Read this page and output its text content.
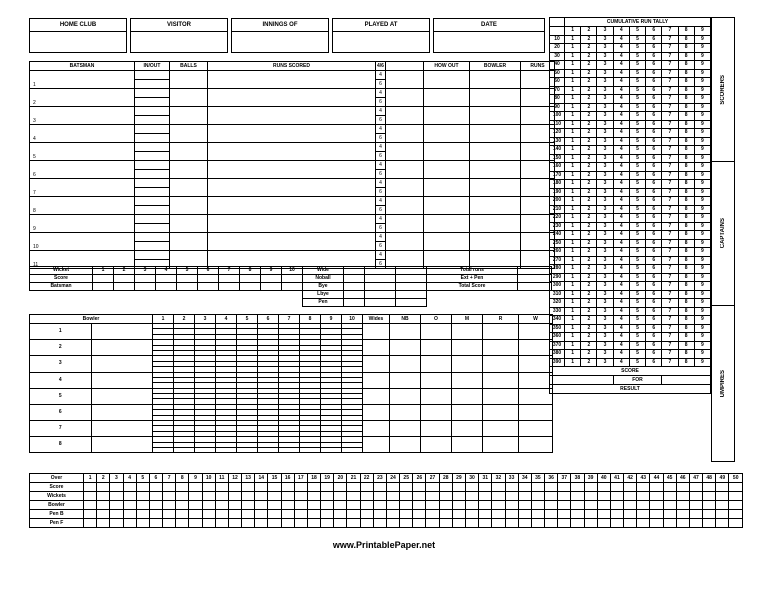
HOME CLUB	VISITOR	INNINGS OF	PLAYED AT	DATE
BATSMAN	IN/OUT	BALLS	RUNS SCORED	4/6		HOW OUT	BOWLER	RUNS
1				4				
				6				
2				4				
				6				
3				4				
				6				
4				4				
				6				
5				4				
				6				
6				4				
				6				
7				4				
				6				
8				4				
				6				
9				4				
				6				
10				4				
				6				
11				4				
				6				
Wicket	1	2	3	4	5	6	7	8	9	10	Wide				Total runs	
Score											Noball				Ext + Pen	
Batsman											Bye				Total Score	
											Lbye					
											Pen					
Bowler		1	2	3	4	5	6	7	8	9	10	Wides	NB	O	M	R	W
1																	

2																	

3																	

4																	

5																	

6																	

7																	

8																	

	CUMULATIVE RUN TALLY								
	1	2	3	4	5	6	7	8	9
10	1	2	3	4	5	6	7	8	9
20	1	2	3	4	5	6	7	8	9
30	1	2	3	4	5	6	7	8	9
40	1	2	3	4	5	6	7	8	9
50	1	2	3	4	5	6	7	8	9
60	1	2	3	4	5	6	7	8	9
70	1	2	3	4	5	6	7	8	9
80	1	2	3	4	5	6	7	8	9
90	1	2	3	4	5	6	7	8	9
100	1	2	3	4	5	6	7	8	9
110	1	2	3	4	5	6	7	8	9
120	1	2	3	4	5	6	7	8	9
130	1	2	3	4	5	6	7	8	9
140	1	2	3	4	5	6	7	8	9
150	1	2	3	4	5	6	7	8	9
160	1	2	3	4	5	6	7	8	9
170	1	2	3	4	5	6	7	8	9
180	1	2	3	4	5	6	7	8	9
190	1	2	3	4	5	6	7	8	9
200	1	2	3	4	5	6	7	8	9
210	1	2	3	4	5	6	7	8	9
220	1	2	3	4	5	6	7	8	9
230	1	2	3	4	5	6	7	8	9
240	1	2	3	4	5	6	7	8	9
250	1	2	3	4	5	6	7	8	9
260	1	2	3	4	5	6	7	8	9
270	1	2	3	4	5	6	7	8	9
280	1	2	3	4	5	6	7	8	9
290	1	2	3	4	5	6	7	8	9
300	1	2	3	4	5	6	7	8	9
310	1	2	3	4	5	6	7	8	9
320	1	2	3	4	5	6	7	8	9
330	1	2	3	4	5	6	7	8	9
340	1	2	3	4	5	6	7	8	9
350	1	2	3	4	5	6	7	8	9
360	1	2	3	4	5	6	7	8	9
370	1	2	3	4	5	6	7	8	9
380	1	2	3	4	5	6	7	8	9
390	1	2	3	4	5	6	7	8	9
SCORE									
				FOR					
RESULT									
SCORERS
CAPTAINS
UMPIRES
Over	1	2	3	4	5	6	7	8	9	10	11	12	13	14	15	16	17	18	19	20	21	22	23	24	25	26	27	28	29	30	31	32	33	34	35	36	37	38	39	40	41	42	43	44	45	46	47	48	49	50
Score																																																		
Wickets																																																		
Bowler																																																		
Pen B																																																		
Pen F																																																		
www.PrintablePaper.net
